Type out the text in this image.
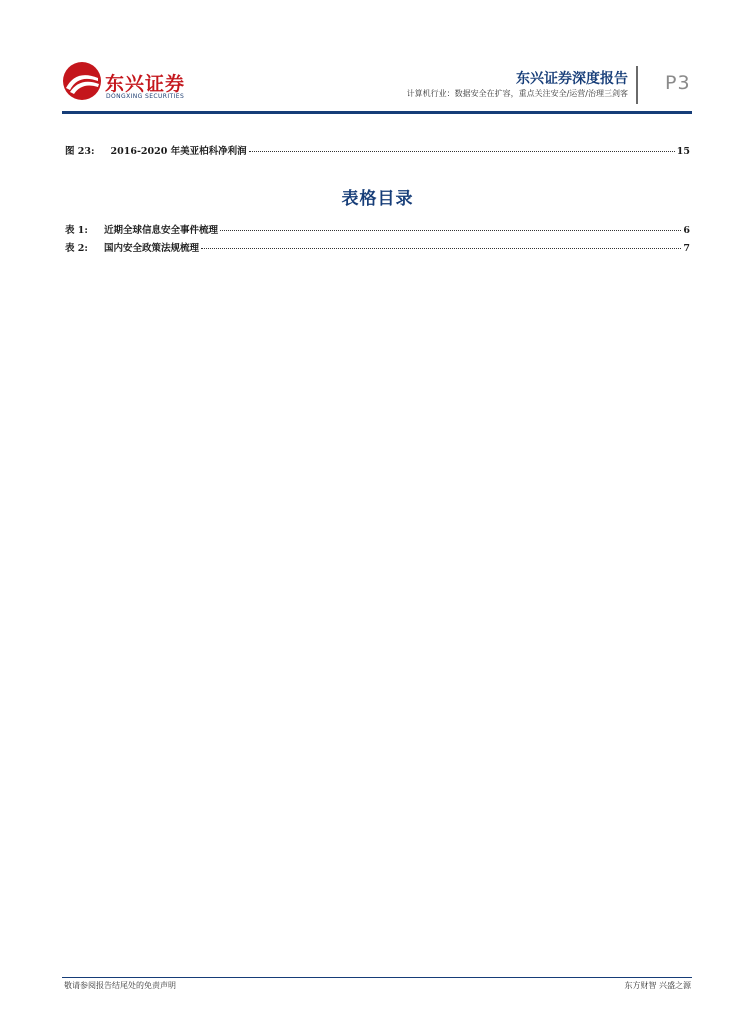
东兴证券
DONGXING SECURITIES
东兴证券深度报告
计算机行业：数据安全在扩容，重点关注安全/运营/治理三剑客 P3
图 23: 2016-2020 年美亚柏科净利润	15
表格目录
表 1: 近期全球信息安全事件梳理	6
表 2: 国内安全政策法规梳理	7
敬请参阅报告结尾处的免责声明	东方财智 兴盛之源
